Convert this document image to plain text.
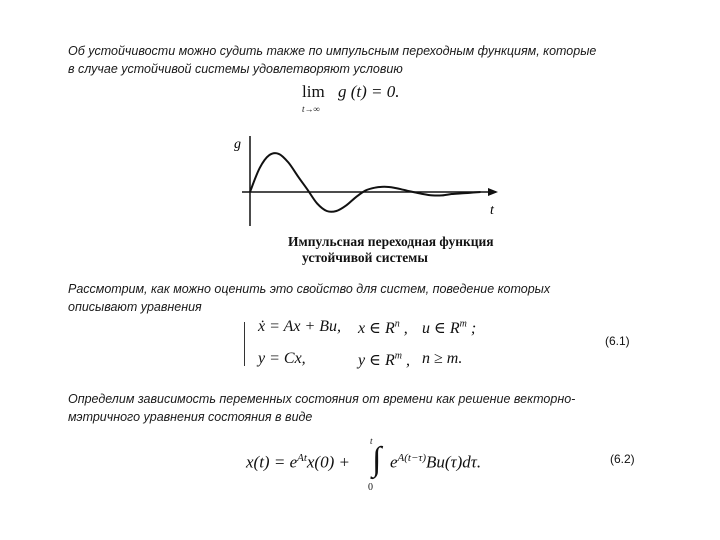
Об устойчивости можно судить также по импульсным переходным функциям, которые
в случае устойчивой системы удовлетворяют условию
lim
t→∞
g (t) = 0.
g
t
Импульсная переходная функция
устойчивой системы
Рассмотрим, как можно оценить это свойство для систем, поведение которых
описывают уравнения
ẋ = Ax + Bu, x ∈ $R^n$ , u ∈ $R^m$ ;
y = Cx,	y ∈ $R^m$ , n ≥ m.
(6.1)
Определим зависимость переменных состояния от времени как решение векторно-
мэтричного уравнения состояния в виде
$x(t) = e^{At}x(0)$ + ∫
t
0
$e^{A(t-\tau)}Bu(\tau)d\tau$.	(6.2)
